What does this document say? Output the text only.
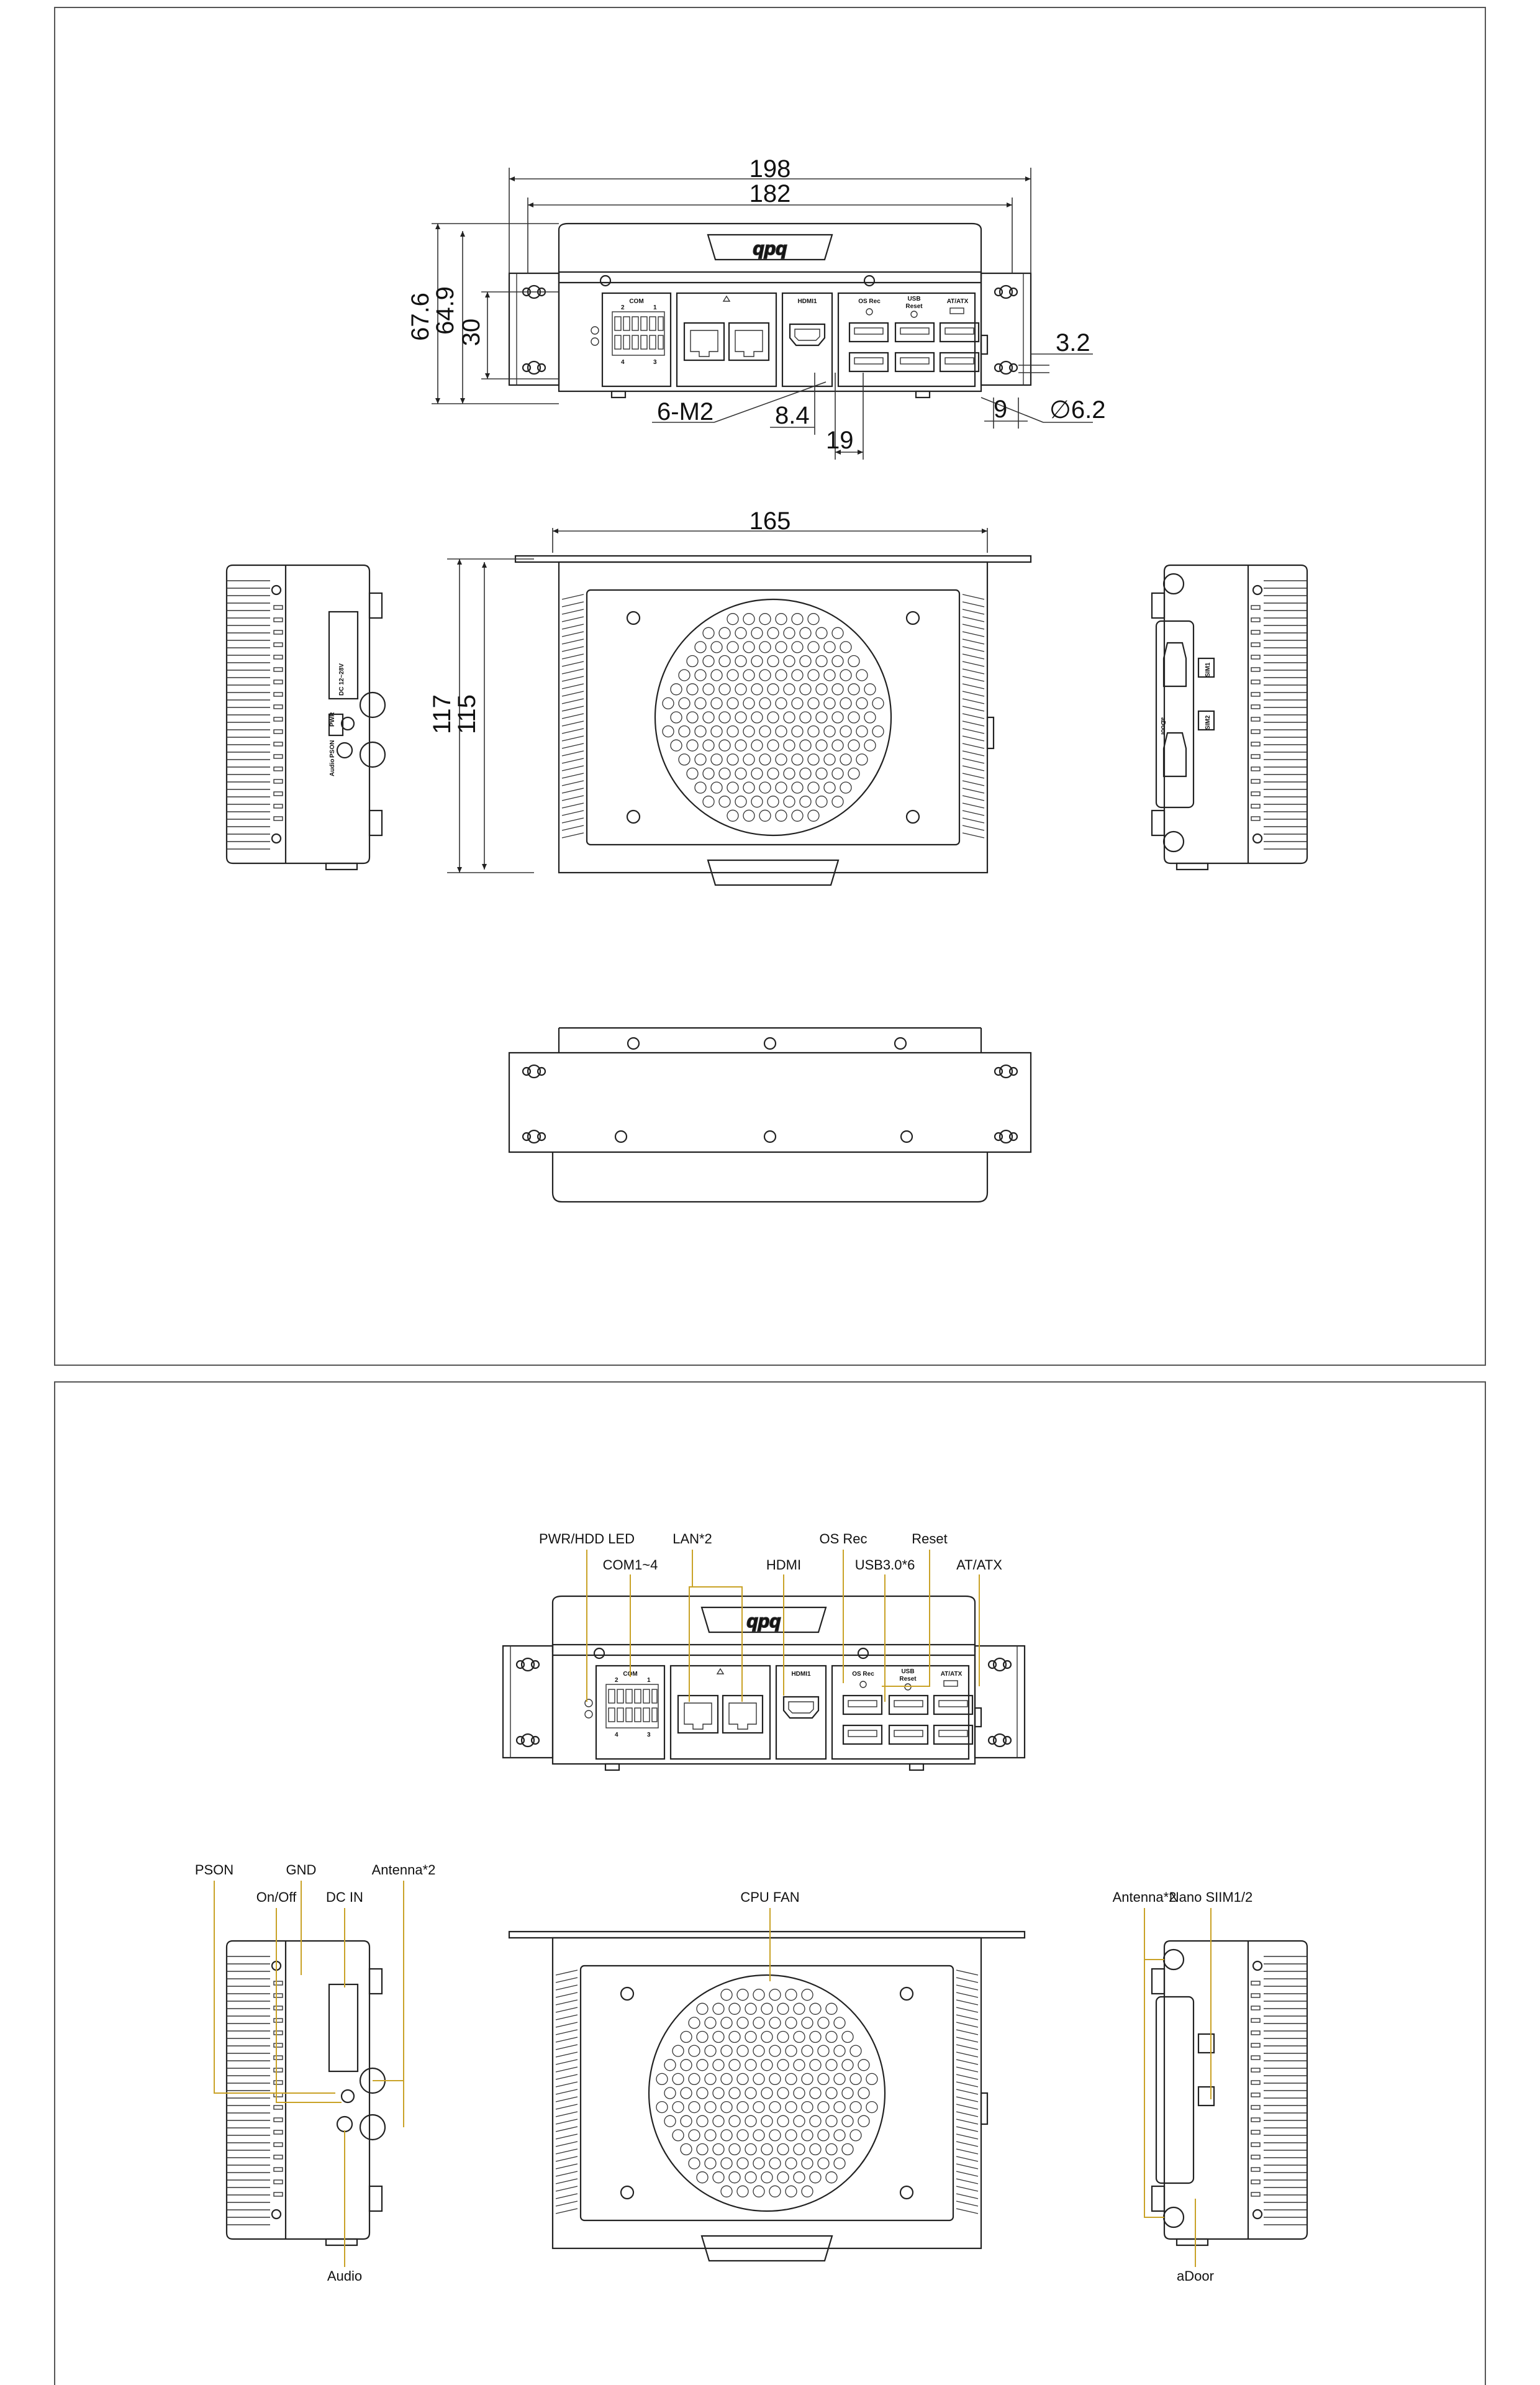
qpq
COM
2	1
4	3
HDMI1	OS Rec	USB
Reset
AT/ATX
198
182
67.6
64.9
30	3.2
∅6.2
9
6-M2 8.4
19
DC 12~28V
PWR
PSON
Audio
SIM1
SIM2
aDoor
165
117
115
PWR/HDD LED
COM1~4
LAN*2
HDMI
OS Rec
USB3.0*6
Reset
AT/ATX
PSON	GND
On/Off DC IN
Antenna*2
Audio
CPU FAN	Antenna*2
Nano SIIM1/2
aDoor
